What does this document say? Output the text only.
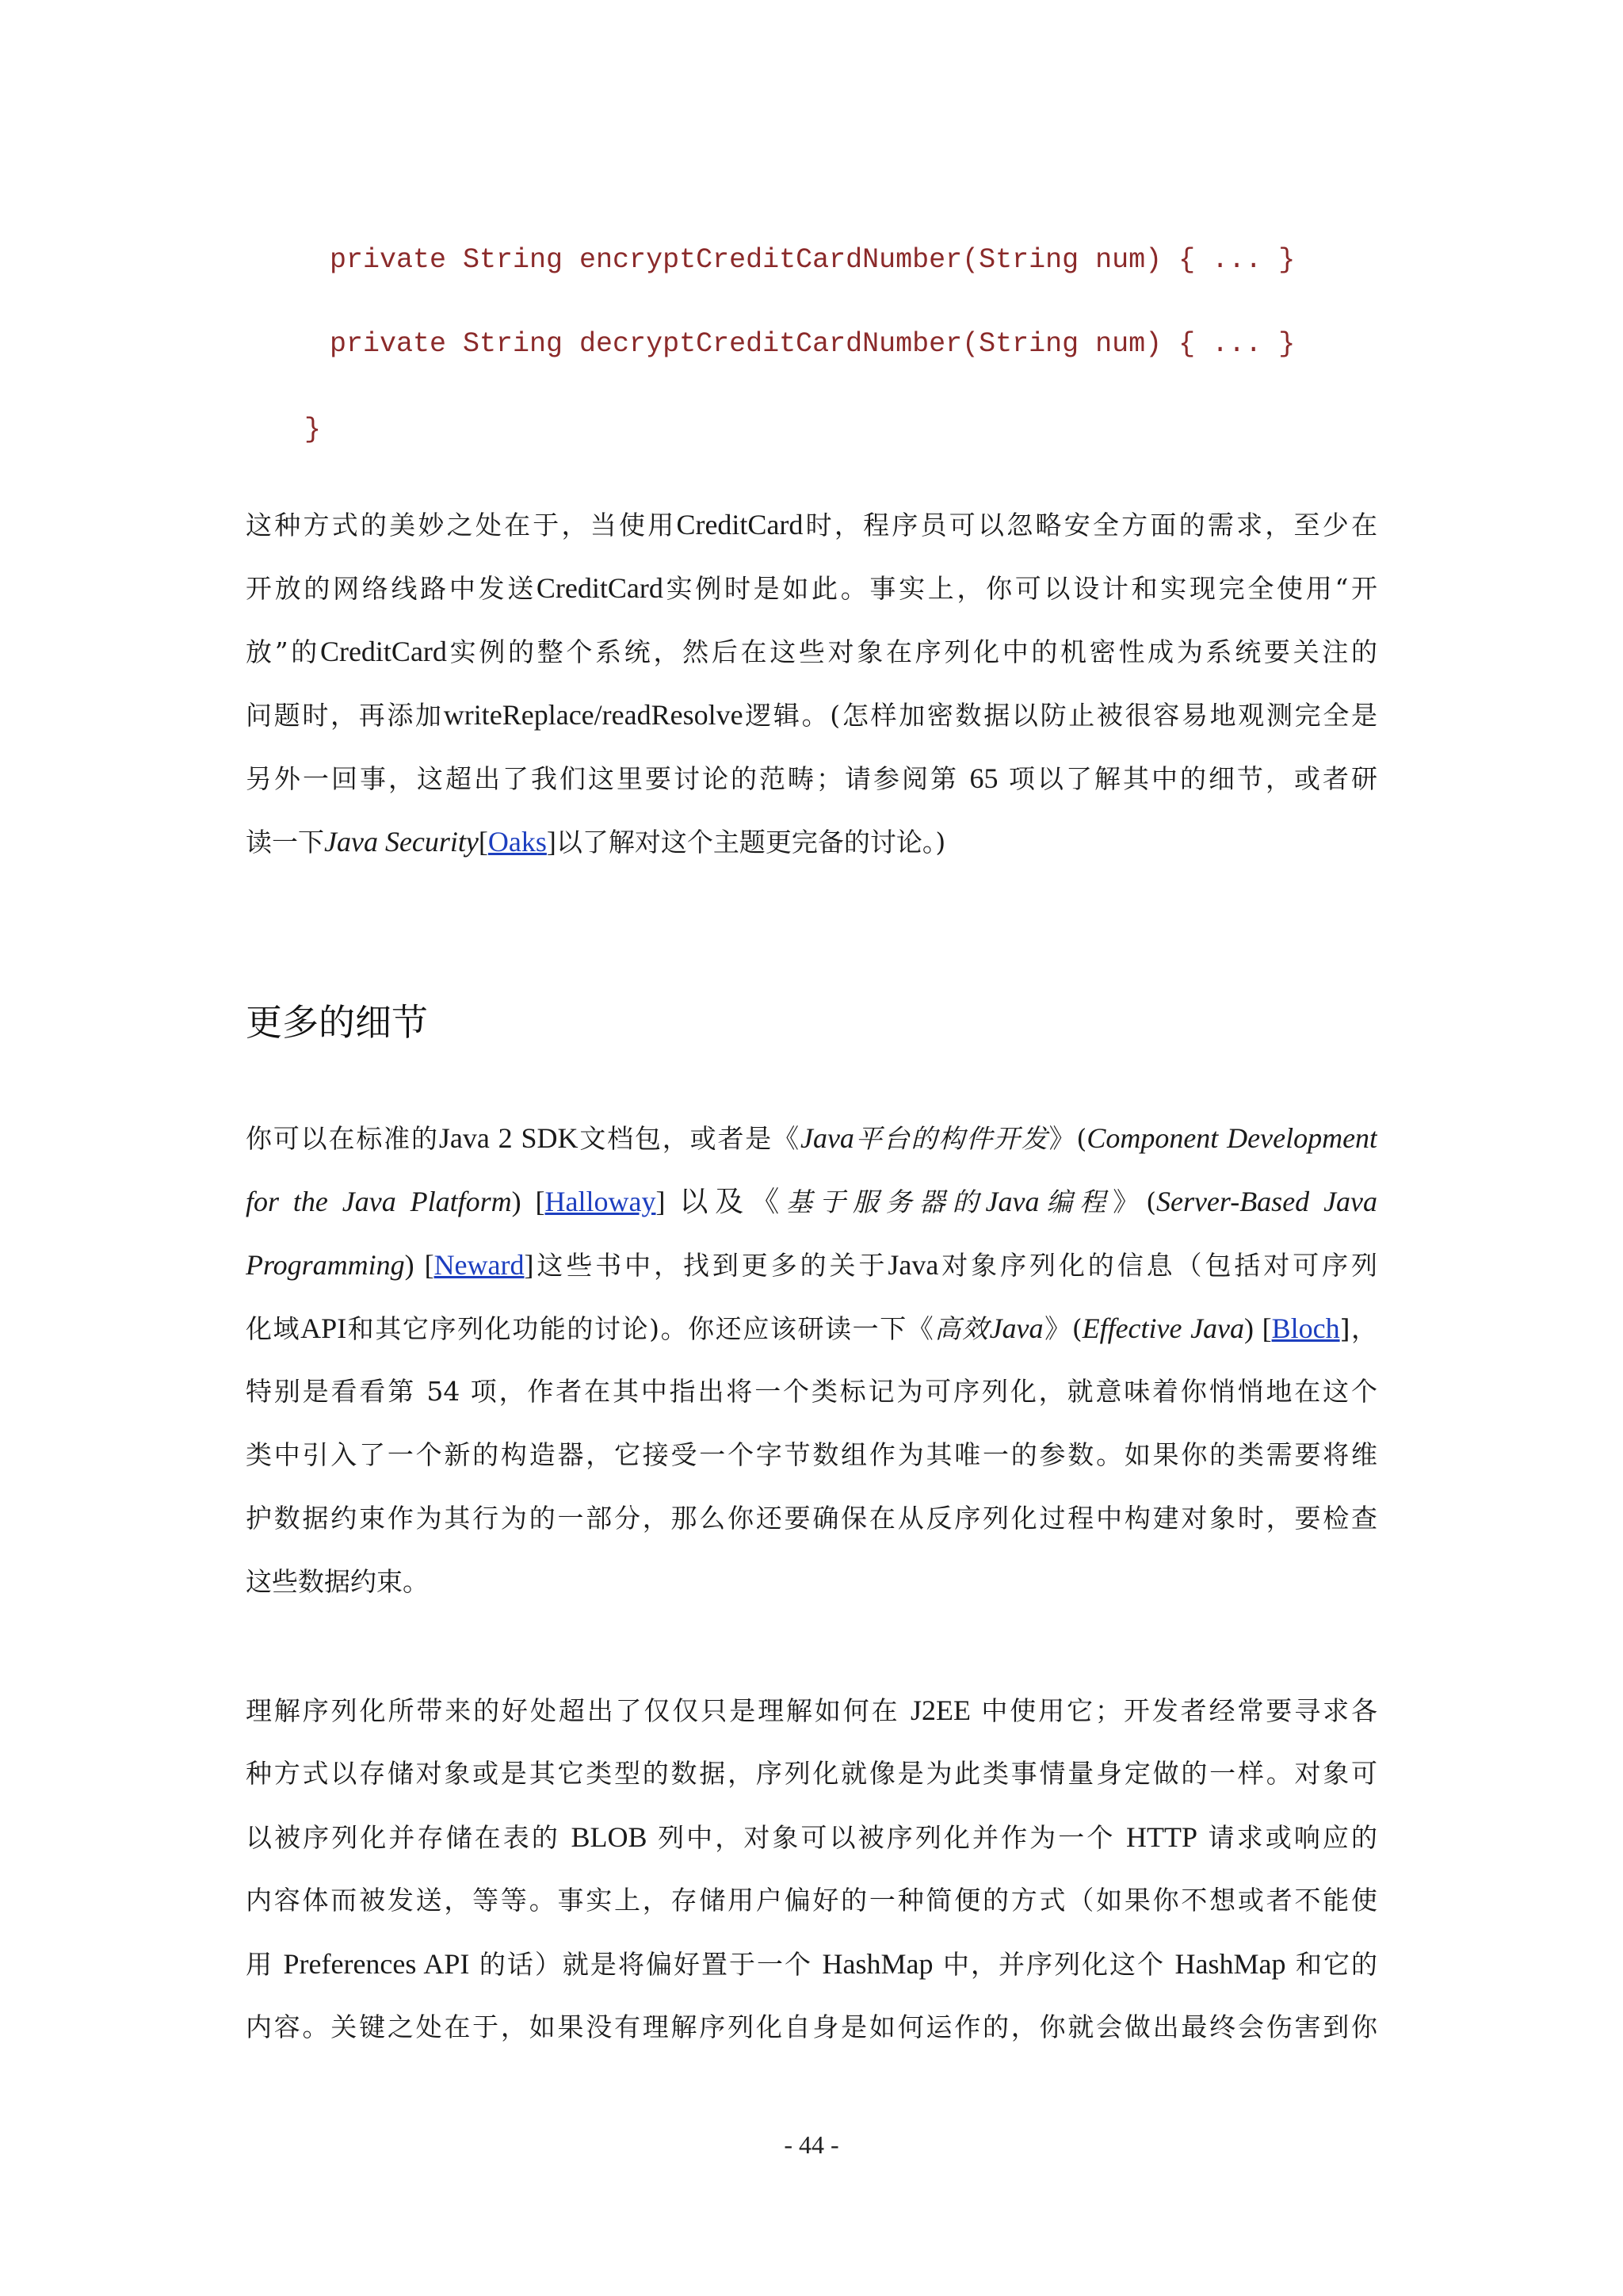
private String encryptCreditCardNumber(String num) { ... }
private String decryptCreditCardNumber(String num) { ... }
}
这种方式的美妙之处在于，当使用CreditCard时，程序员可以忽略安全方面的需求，至少在
开放的网络线路中发送CreditCard实例时是如此。事实上，你可以设计和实现完全使用“开
放”的CreditCard实例的整个系统，然后在这些对象在序列化中的机密性成为系统要关注的
问题时，再添加writeReplace/readResolve逻辑。(怎样加密数据以防止被很容易地观测完全是
另外一回事，这超出了我们这里要讨论的范畴；请参阅第 65 项以了解其中的细节，或者研
读一下Java Security[Oaks]以了解对这个主题更完备的讨论。)
更多的细节
你可以在标准的Java 2 SDK文档包，或者是《Java平台的构件开发》(Component Development
for the Java Platform) [Halloway] 以及《基于服务器的Java编程》(Server-Based Java
Programming) [Neward]这些书中，找到更多的关于Java对象序列化的信息（包括对可序列
化域API和其它序列化功能的讨论)。你还应该研读一下《高效Java》(Effective Java) [Bloch]，
特别是看看第 54 项，作者在其中指出将一个类标记为可序列化，就意味着你悄悄地在这个
类中引入了一个新的构造器，它接受一个字节数组作为其唯一的参数。如果你的类需要将维
护数据约束作为其行为的一部分，那么你还要确保在从反序列化过程中构建对象时，要检查
这些数据约束。
理解序列化所带来的好处超出了仅仅只是理解如何在 J2EE 中使用它；开发者经常要寻求各
种方式以存储对象或是其它类型的数据，序列化就像是为此类事情量身定做的一样。对象可
以被序列化并存储在表的 BLOB 列中，对象可以被序列化并作为一个 HTTP 请求或响应的
内容体而被发送，等等。事实上，存储用户偏好的一种简便的方式（如果你不想或者不能使
用 Preferences API 的话）就是将偏好置于一个 HashMap 中，并序列化这个 HashMap 和它的
内容。关键之处在于，如果没有理解序列化自身是如何运作的，你就会做出最终会伤害到你
- 44 -
